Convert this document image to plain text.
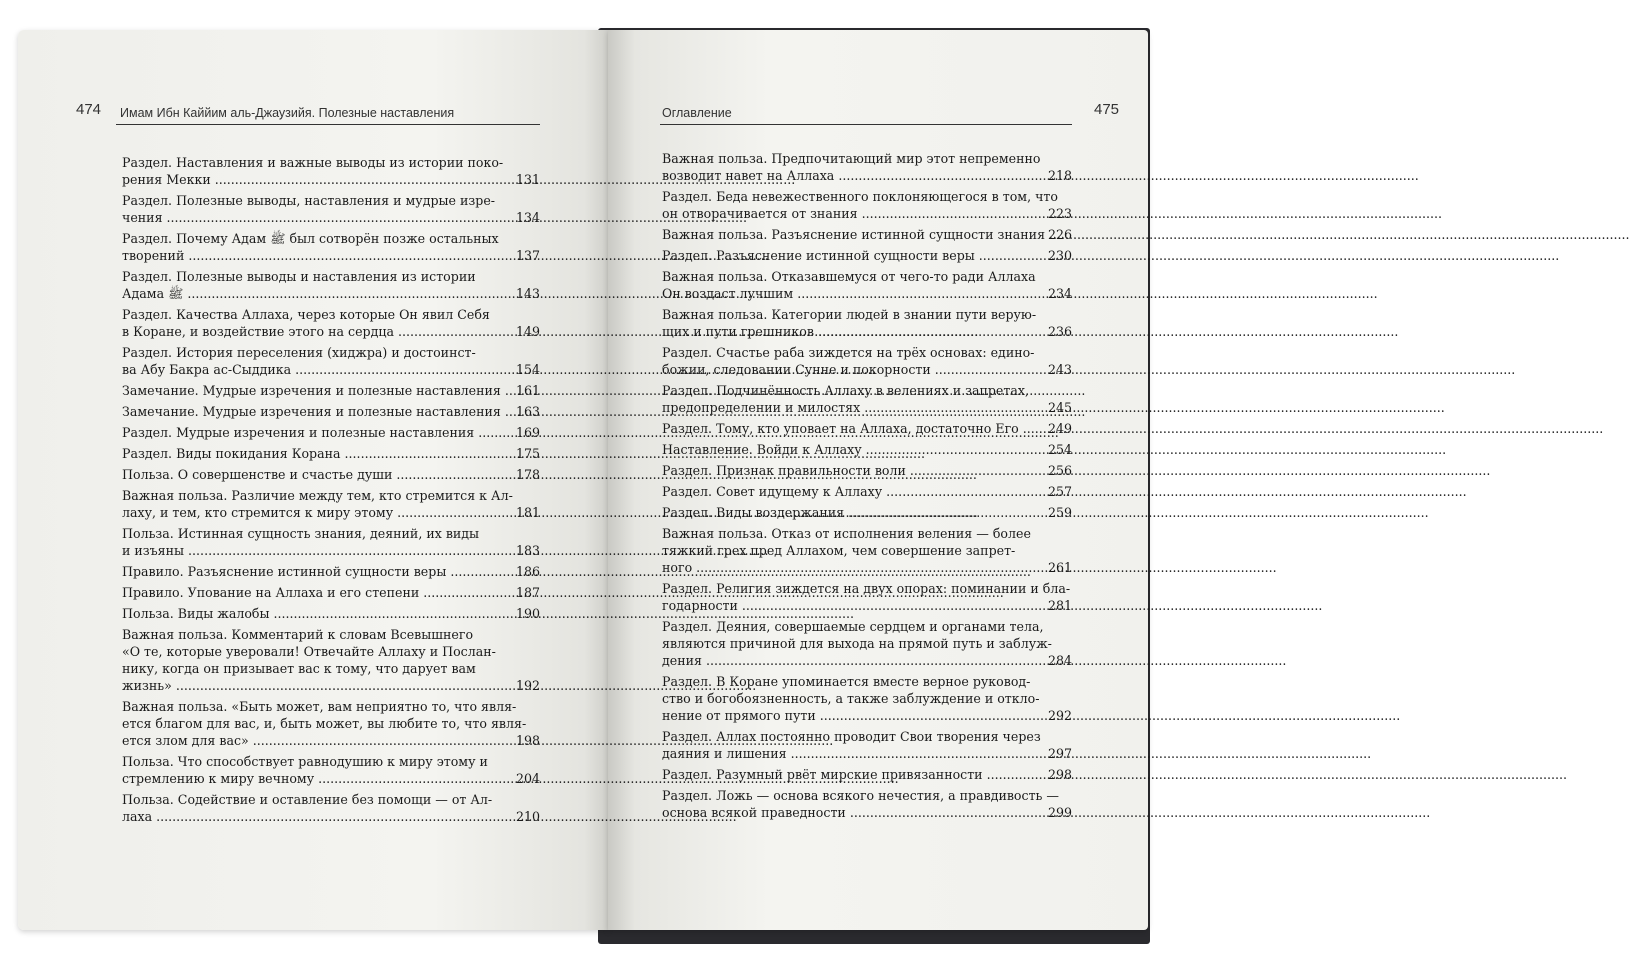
474 Имам Ибн Каййим аль-Джаузийя. Полезные наставления	475
Оглавление
Раздел. Наставления и важные выводы из истории поко-
рения Мекки .....	131
Раздел. Полезные выводы, наставления и мудрые изре-
чения .....	134
Раздел. Почему Адам ﷺ был сотворён позже остальных
творений .....	137
Раздел. Полезные выводы и наставления из истории
Адама ﷺ .....	143
Раздел. Качества Аллаха, через которые Он явил Себя
в Коране, и воздействие этого на сердца .....	149
Раздел. История переселения (хиджра) и достоинст-
ва Абу Бакра ас-Сыддика .....	154
Замечание. Мудрые изречения и полезные наставления .....	161
Замечание. Мудрые изречения и полезные наставления .....	163
Раздел. Мудрые изречения и полезные наставления .....	169
Раздел. Виды покидания Корана .....	175
Польза. О совершенстве и счастье души .....	178
Важная польза. Различие между тем, кто стремится к Ал-
лаху, и тем, кто стремится к миру этому .....	181
Польза. Истинная сущность знания, деяний, их виды
и изъяны .....	183
Правило. Разъяснение истинной сущности веры .....	186
Правило. Упование на Аллаха и его степени .....	187
Польза. Виды жалобы .....	190
Важная польза. Комментарий к словам Всевышнего
«О те, которые уверовали! Отвечайте Аллаху и Послан-
нику, когда он призывает вас к тому, что дарует вам
жизнь» .....	192
Важная польза. «Быть может, вам неприятно то, что явля-
ется благом для вас, и, быть может, вы любите то, что явля-
ется злом для вас» .....	198
Польза. Что способствует равнодушию к миру этому и
стремлению к миру вечному .....	204
Польза. Содействие и оставление без помощи — от Ал-
лаха .....	210
Важная польза. Предпочитающий мир этот непременно
возводит навет на Аллаха .....	218
Раздел. Беда невежественного поклоняющегося в том, что
он отворачивается от знания .....	223
Важная польза. Разъяснение истинной сущности знания ..... 226
Раздел. Разъяснение истинной сущности веры .....	230
Важная польза. Отказавшемуся от чего-то ради Аллаха
Он воздаст лучшим .....	234
Важная польза. Категории людей в знании пути верую-
щих и пути грешников .....	236
Раздел. Счастье раба зиждется на трёх основах: едино-
божии, следовании Сунне и покорности .....	243
Раздел. Подчинённость Аллаху в велениях и запретах,
предопределении и милостях .....	245
Раздел. Тому, кто уповает на Аллаха, достаточно Его .....	249
Наставление. Войди к Аллаху .....	254
Раздел. Признак правильности воли .....	256
Раздел. Совет идущему к Аллаху .....	257
Раздел. Виды воздержания .....	259
Важная польза. Отказ от исполнения веления — более
тяжкий грех пред Аллахом, чем совершение запрет-
ного .....	261
Раздел. Религия зиждется на двух опорах: поминании и бла-
годарности .....	281
Раздел. Деяния, совершаемые сердцем и органами тела,
являются причиной для выхода на прямой путь и заблуж-
дения .....	284
Раздел. В Коране упоминается вместе верное руковод-
ство и богобоязненность, а также заблуждение и откло-
нение от прямого пути .....	292
Раздел. Аллах постоянно проводит Свои творения через
даяния и лишения .....	297
Раздел. Разумный рвёт мирские привязанности .....	298
Раздел. Ложь — основа всякого нечестия, а правдивость —
основа всякой праведности .....	299
